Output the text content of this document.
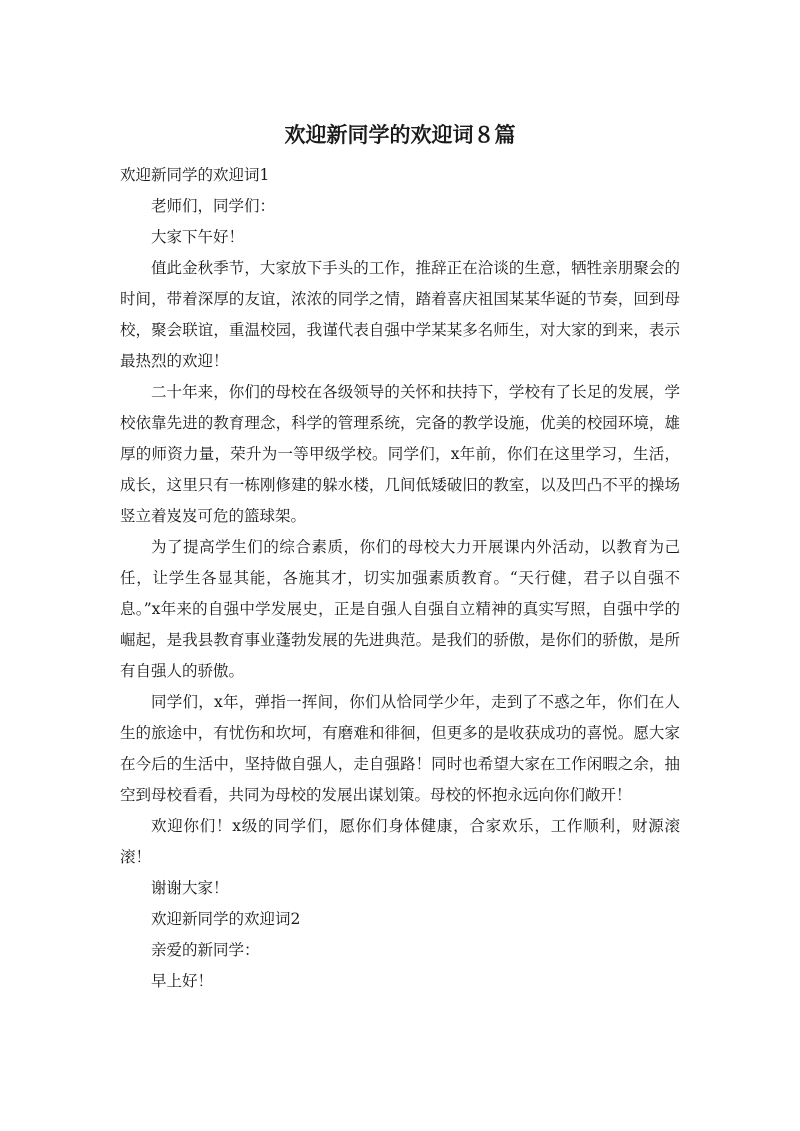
欢迎新同学的欢迎词８篇

欢迎新同学的欢迎词1

老师们，同学们：

大家下午好！

值此金秋季节，大家放下手头的工作，推辞正在洽谈的生意，牺牲亲朋聚会的时间，带着深厚的友谊，浓浓的同学之情，踏着喜庆祖国某某华诞的节奏，回到母校，聚会联谊，重温校园，我谨代表自强中学某某多名师生，对大家的到来，表示最热烈的欢迎！

二十年来，你们的母校在各级领导的关怀和扶持下，学校有了长足的发展，学校依靠先进的教育理念，科学的管理系统，完备的教学设施，优美的校园环境，雄厚的师资力量，荣升为一等甲级学校。同学们，x年前，你们在这里学习，生活，成长，这里只有一栋刚修建的躲水楼，几间低矮破旧的教室，以及凹凸不平的操场竖立着岌岌可危的篮球架。

为了提高学生们的综合素质，你们的母校大力开展课内外活动，以教育为己任，让学生各显其能，各施其才，切实加强素质教育。“天行健，君子以自强不息。”x年来的自强中学发展史，正是自强人自强自立精神的真实写照，自强中学的崛起，是我县教育事业蓬勃发展的先进典范。是我们的骄傲，是你们的骄傲，是所有自强人的骄傲。

同学们，x年，弹指一挥间，你们从恰同学少年，走到了不惑之年，你们在人生的旅途中，有忧伤和坎坷，有磨难和徘徊，但更多的是收获成功的喜悦。愿大家在今后的生活中，坚持做自强人，走自强路！同时也希望大家在工作闲暇之余，抽空到母校看看，共同为母校的发展出谋划策。母校的怀抱永远向你们敞开！

欢迎你们！x级的同学们，愿你们身体健康，合家欢乐，工作顺利，财源滚滚！

谢谢大家！

欢迎新同学的欢迎词2

亲爱的新同学：

早上好！
